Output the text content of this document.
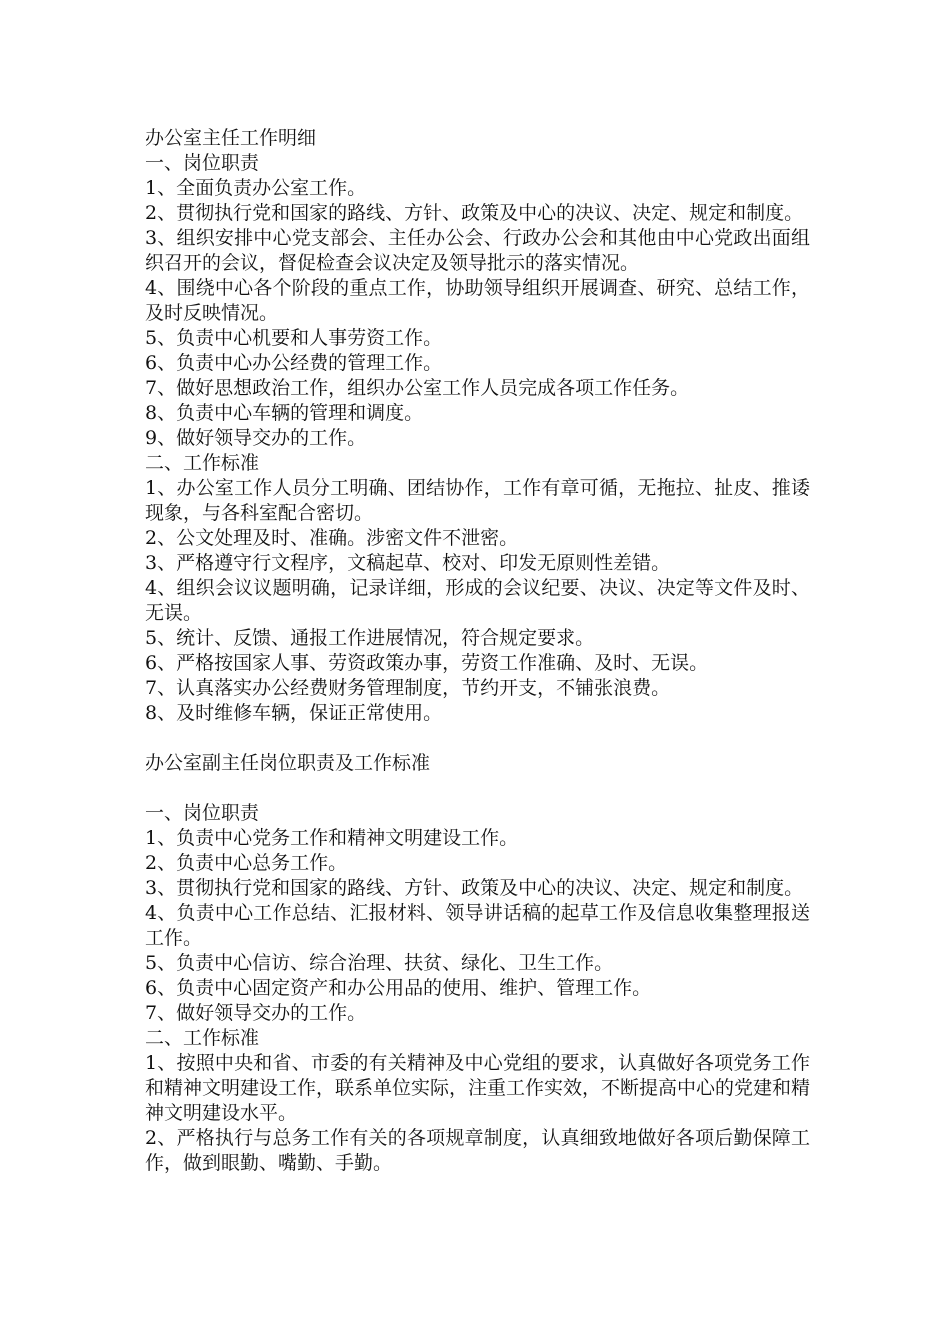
办公室主任工作明细
一、岗位职责
1、全面负责办公室工作。
2、贯彻执行党和国家的路线、方针、政策及中心的决议、决定、规定和制度。
3、组织安排中心党支部会、主任办公会、行政办公会和其他由中心党政出面组织召开的会议，督促检查会议决定及领导批示的落实情况。
4、围绕中心各个阶段的重点工作，协助领导组织开展调查、研究、总结工作，及时反映情况。
5、负责中心机要和人事劳资工作。
6、负责中心办公经费的管理工作。
7、做好思想政治工作，组织办公室工作人员完成各项工作任务。
8、负责中心车辆的管理和调度。
9、做好领导交办的工作。
二、工作标准
1、办公室工作人员分工明确、团结协作，工作有章可循，无拖拉、扯皮、推诿现象，与各科室配合密切。
2、公文处理及时、准确。涉密文件不泄密。
3、严格遵守行文程序，文稿起草、校对、印发无原则性差错。
4、组织会议议题明确，记录详细，形成的会议纪要、决议、决定等文件及时、无误。
5、统计、反馈、通报工作进展情况，符合规定要求。
6、严格按国家人事、劳资政策办事，劳资工作准确、及时、无误。
7、认真落实办公经费财务管理制度，节约开支，不铺张浪费。
8、及时维修车辆，保证正常使用。
办公室副主任岗位职责及工作标准
一、岗位职责
1、负责中心党务工作和精神文明建设工作。
2、负责中心总务工作。
3、贯彻执行党和国家的路线、方针、政策及中心的决议、决定、规定和制度。
4、负责中心工作总结、汇报材料、领导讲话稿的起草工作及信息收集整理报送工作。
5、负责中心信访、综合治理、扶贫、绿化、卫生工作。
6、负责中心固定资产和办公用品的使用、维护、管理工作。
7、做好领导交办的工作。
二、工作标准
1、按照中央和省、市委的有关精神及中心党组的要求，认真做好各项党务工作和精神文明建设工作，联系单位实际，注重工作实效，不断提高中心的党建和精神文明建设水平。
2、严格执行与总务工作有关的各项规章制度，认真细致地做好各项后勤保障工作，做到眼勤、嘴勤、手勤。
